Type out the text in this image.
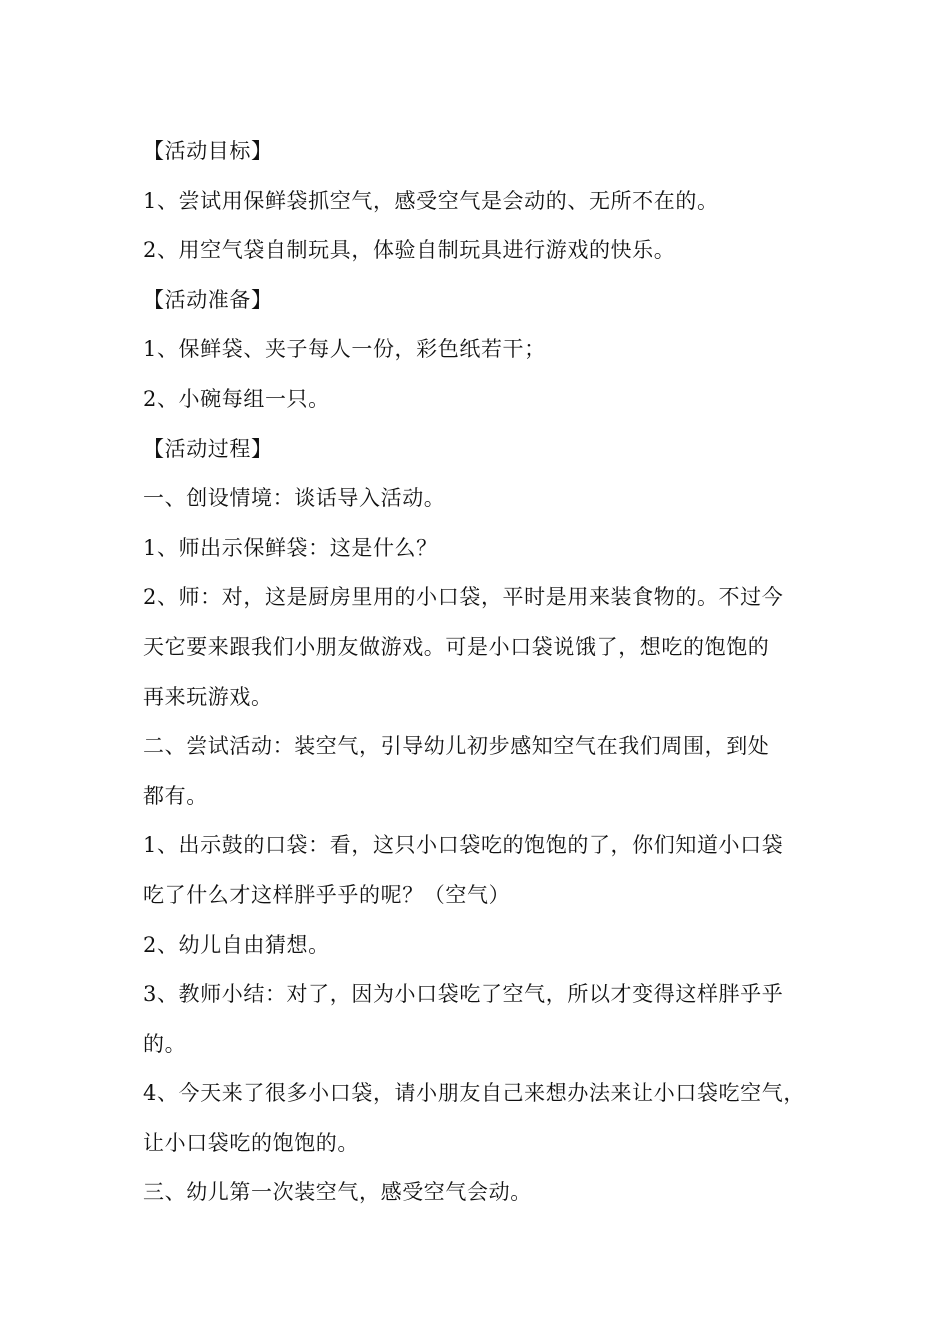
【活动目标】
1、尝试用保鲜袋抓空气，感受空气是会动的、无所不在的。
2、用空气袋自制玩具，体验自制玩具进行游戏的快乐。
【活动准备】
1、保鲜袋、夹子每人一份，彩色纸若干；
2、小碗每组一只。
【活动过程】
一、创设情境：谈话导入活动。
1、师出示保鲜袋：这是什么？
2、师：对，这是厨房里用的小口袋，平时是用来装食物的。不过今
天它要来跟我们小朋友做游戏。可是小口袋说饿了，想吃的饱饱的
再来玩游戏。
二、尝试活动：装空气，引导幼儿初步感知空气在我们周围，到处
都有。
1、出示鼓的口袋：看，这只小口袋吃的饱饱的了，你们知道小口袋
吃了什么才这样胖乎乎的呢？（空气）
2、幼儿自由猜想。
3、教师小结：对了，因为小口袋吃了空气，所以才变得这样胖乎乎
的。
4、今天来了很多小口袋，请小朋友自己来想办法来让小口袋吃空气，
让小口袋吃的饱饱的。
三、幼儿第一次装空气，感受空气会动。
